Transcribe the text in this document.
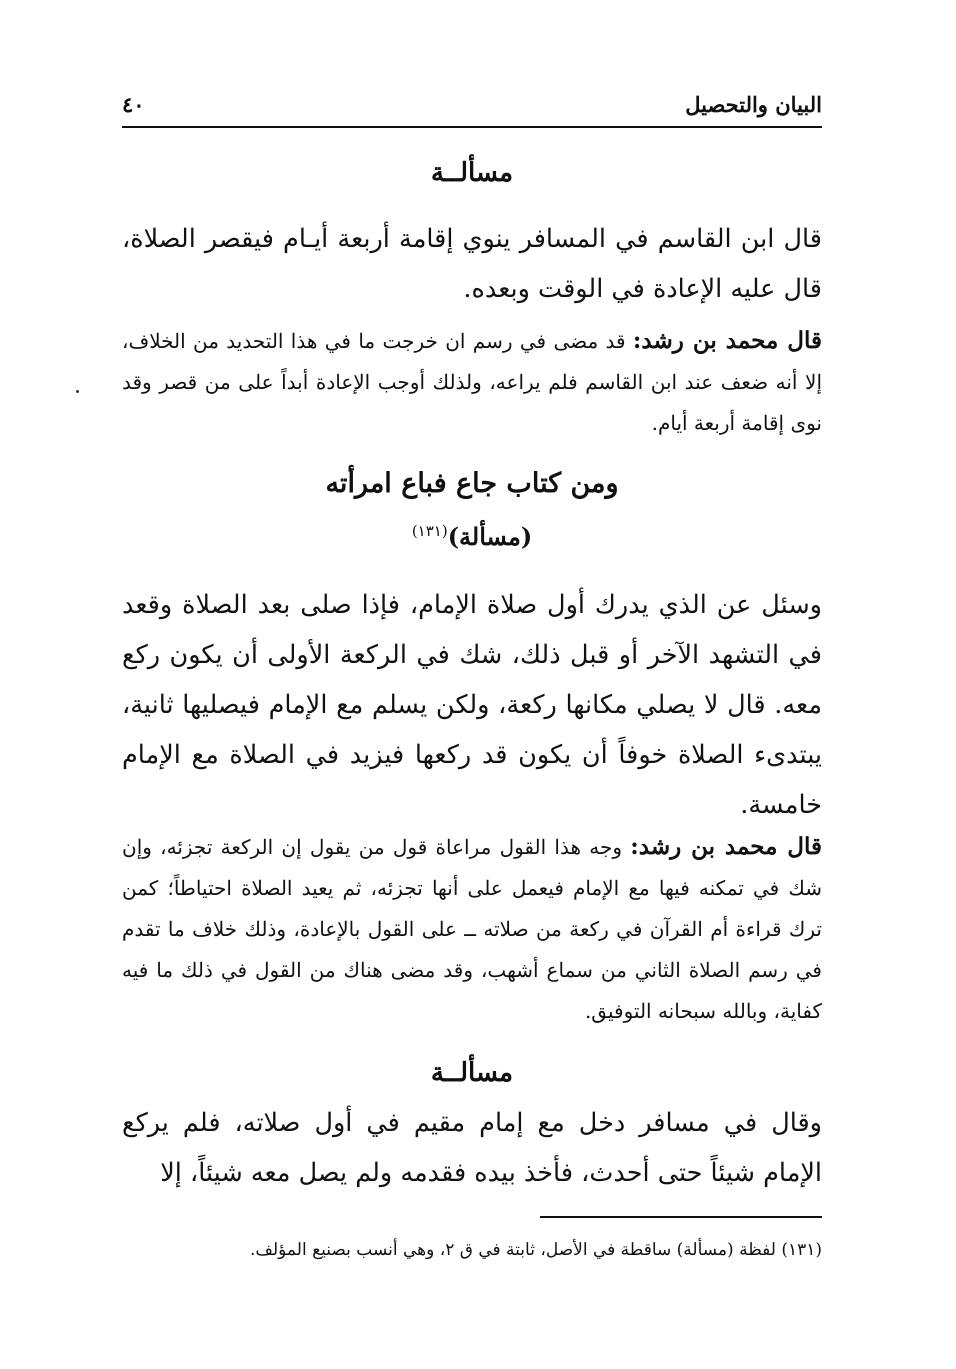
البيان والتحصيل
٤٠
مسألــة
قال ابن القاسم في المسافر ينوي إقامة أربعة أيـام فيقصر الصلاة، قال عليه الإعادة في الوقت وبعده.
قال محمد بن رشد: قد مضى في رسم ان خرجت ما في هذا التحديد من الخلاف، إلا أنه ضعف عند ابن القاسم فلم يراعه، ولذلك أوجب الإعادة أبداً على من قصر وقد نوى إقامة أربعة أيام.
ومن كتاب جاع فباع امرأته
(مسألة)$^{(١٣١)}$
وسئل عن الذي يدرك أول صلاة الإمام، فإذا صلى بعد الصلاة وقعد في التشهد الآخر أو قبل ذلك، شك في الركعة الأولى أن يكون ركع معه. قال لا يصلي مكانها ركعة، ولكن يسلم مع الإمام فيصليها ثانية، يبتدىء الصلاة خوفاً أن يكون قد ركعها فيزيد في الصلاة مع الإمام خامسة.
قال محمد بن رشد: وجه هذا القول مراعاة قول من يقول إن الركعة تجزئه، وإن شك في تمكنه فيها مع الإمام فيعمل على أنها تجزئه، ثم يعيد الصلاة احتياطاً؛ كمن ترك قراءة أم القرآن في ركعة من صلاته ــ على القول بالإعادة، وذلك خلاف ما تقدم في رسم الصلاة الثاني من سماع أشهب، وقد مضى هناك من القول في ذلك ما فيه كفاية، وبالله سبحانه التوفيق.
مسألــة
وقال في مسافر دخل مع إمام مقيم في أول صلاته، فلم يركع الإمام شيئاً حتى أحدث، فأخذ بيده فقدمه ولم يصل معه شيئاً، إلا
(١٣١) لفظة (مسألة) ساقطة في الأصل، ثابتة في ق ٢، وهي أنسب بصنيع المؤلف.
